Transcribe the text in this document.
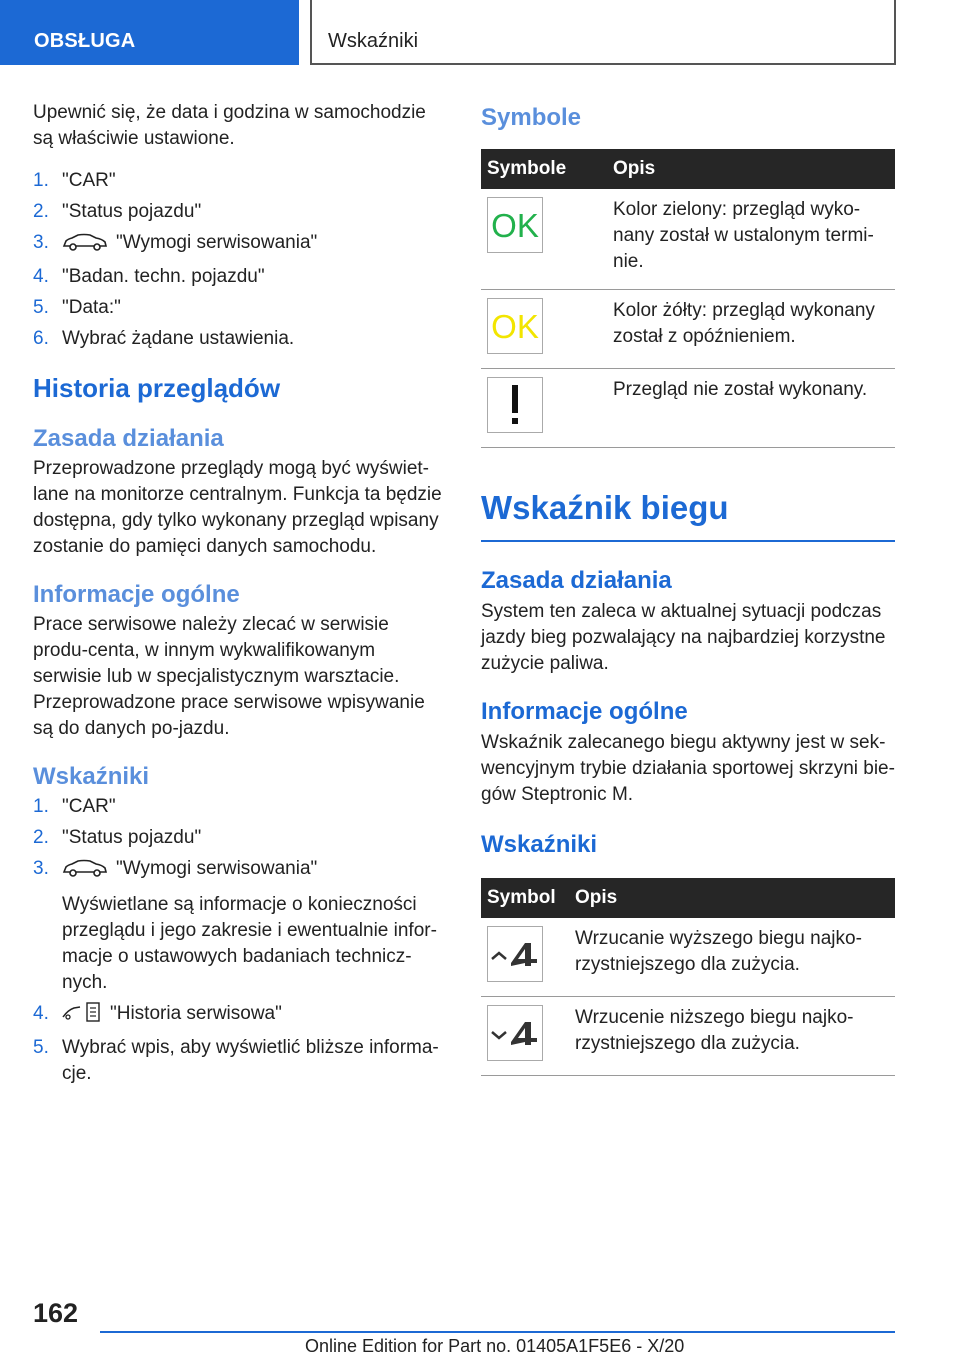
OBSŁUGA	Wskaźniki

Upewnić się, że data i godzina w samochodzie są właściwie ustawione.

1. "CAR"
2. "Status pojazdu"
3.	"Wymogi serwisowania"
4. "Badan. techn. pojazdu"
5. "Data:"
6. Wybrać żądane ustawienia.
Historia przeglądów
Zasada działania

Przeprowadzone przeglądy mogą być wyświet‐lane na monitorze centralnym. Funkcja ta będzie dostępna, gdy tylko wykonany przegląd wpisany zostanie do pamięci danych samochodu.

Informacje ogólne

Prace serwisowe należy zlecać w serwisie produ‐centa, w innym wykwalifikowanym serwisie lub w specjalistycznym warsztacie. Przeprowadzone prace serwisowe wpisywanie są do danych po‐jazdu.

Wskaźniki
1. "CAR"
2. "Status pojazdu"
3.	"Wymogi serwisowania"
Wyświetlane są informacje o konieczności przeglądu i jego zakresie i ewentualnie infor‐macje o ustawowych badaniach technicz‐nych.
4.	"Historia serwisowa"
5. Wybrać wpis, aby wyświetlić bliższe informa‐cje.
Symbole
Symbole	Opis

OK	Kolor zielony: przegląd wyko‐nany został w ustalonym termi‐nie.

OK	Kolor żółty: przegląd wykonany został z opóźnieniem.

	Przegląd nie został wykonany.
Wskaźnik biegu
Zasada działania

System ten zaleca w aktualnej sytuacji podczas jazdy bieg pozwalający na najbardziej korzystne zużycie paliwa.

Informacje ogólne

Wskaźnik zalecanego biegu aktywny jest w sek‐wencyjnym trybie działania sportowej skrzyni bie‐gów Steptronic M.

Wskaźniki
Symbol	Opis

	Wrzucanie wyższego biegu najko‐rzystniejszego dla zużycia.

	Wrzucenie niższego biegu najko‐rzystniejszego dla zużycia.
162
Online Edition for Part no. 01405A1F5E6 - X/20
